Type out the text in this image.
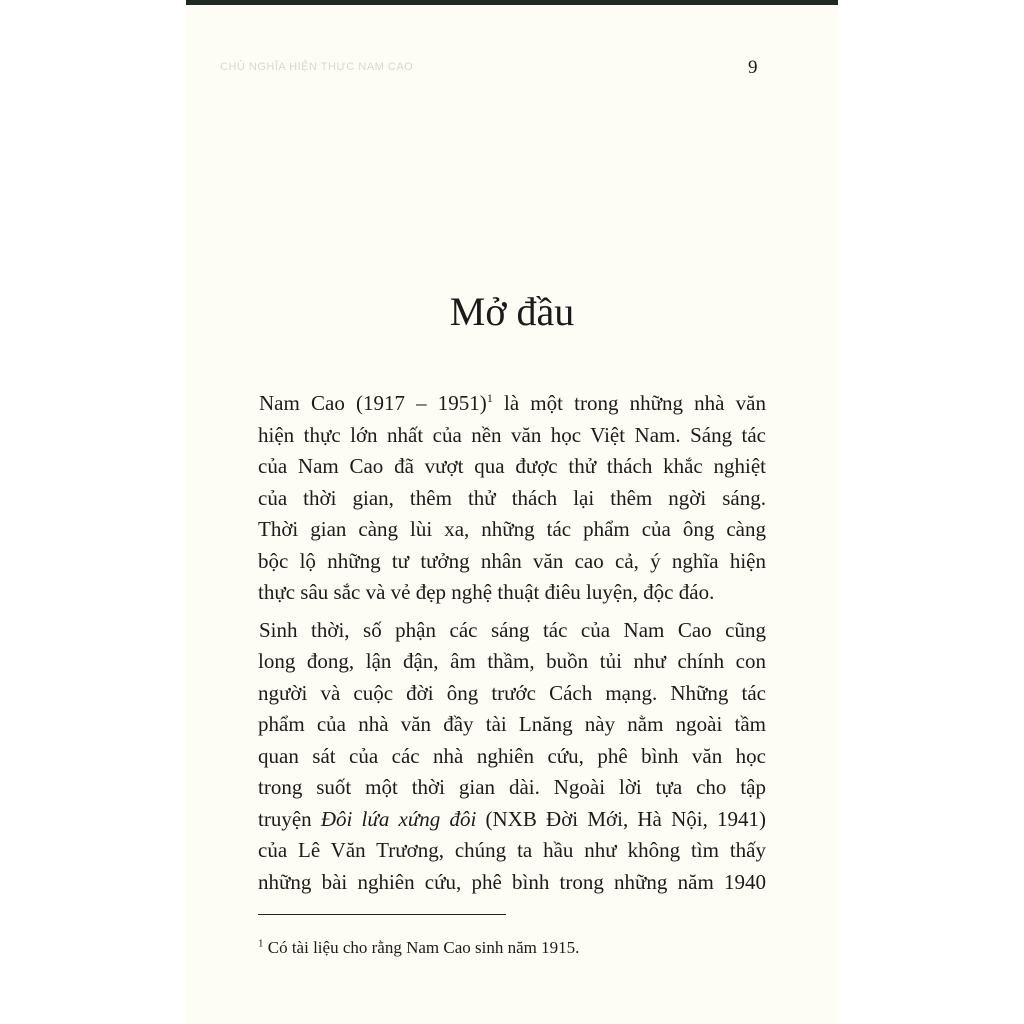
CHỦ NGHĨA HIỆN THỰC NAM CAO	9
Mở đầu

Nam Cao (1917 – 1951)$^1$ là một trong những nhà văn
hiện thực lớn nhất của nền văn học Việt Nam. Sáng tác
của Nam Cao đã vượt qua được thử thách khắc nghiệt
của thời gian, thêm thử thách lại thêm ngời sáng.
Thời gian càng lùi xa, những tác phẩm của ông càng
bộc lộ những tư tưởng nhân văn cao cả, ý nghĩa hiện
thực sâu sắc và vẻ đẹp nghệ thuật điêu luyện, độc đáo.

Sinh thời, số phận các sáng tác của Nam Cao cũng
long đong, lận đận, âm thầm, buồn tủi như chính con
người và cuộc đời ông trước Cách mạng. Những tác
phẩm của nhà văn đầy tài Lnăng này nằm ngoài tầm
quan sát của các nhà nghiên cứu, phê bình văn học
trong suốt một thời gian dài. Ngoài lời tựa cho tập
truyện Đôi lứa xứng đôi (NXB Đời Mới, Hà Nội, 1941)
của Lê Văn Trương, chúng ta hầu như không tìm thấy
những bài nghiên cứu, phê bình trong những năm 1940

$^1$ Có tài liệu cho rằng Nam Cao sinh năm 1915.
